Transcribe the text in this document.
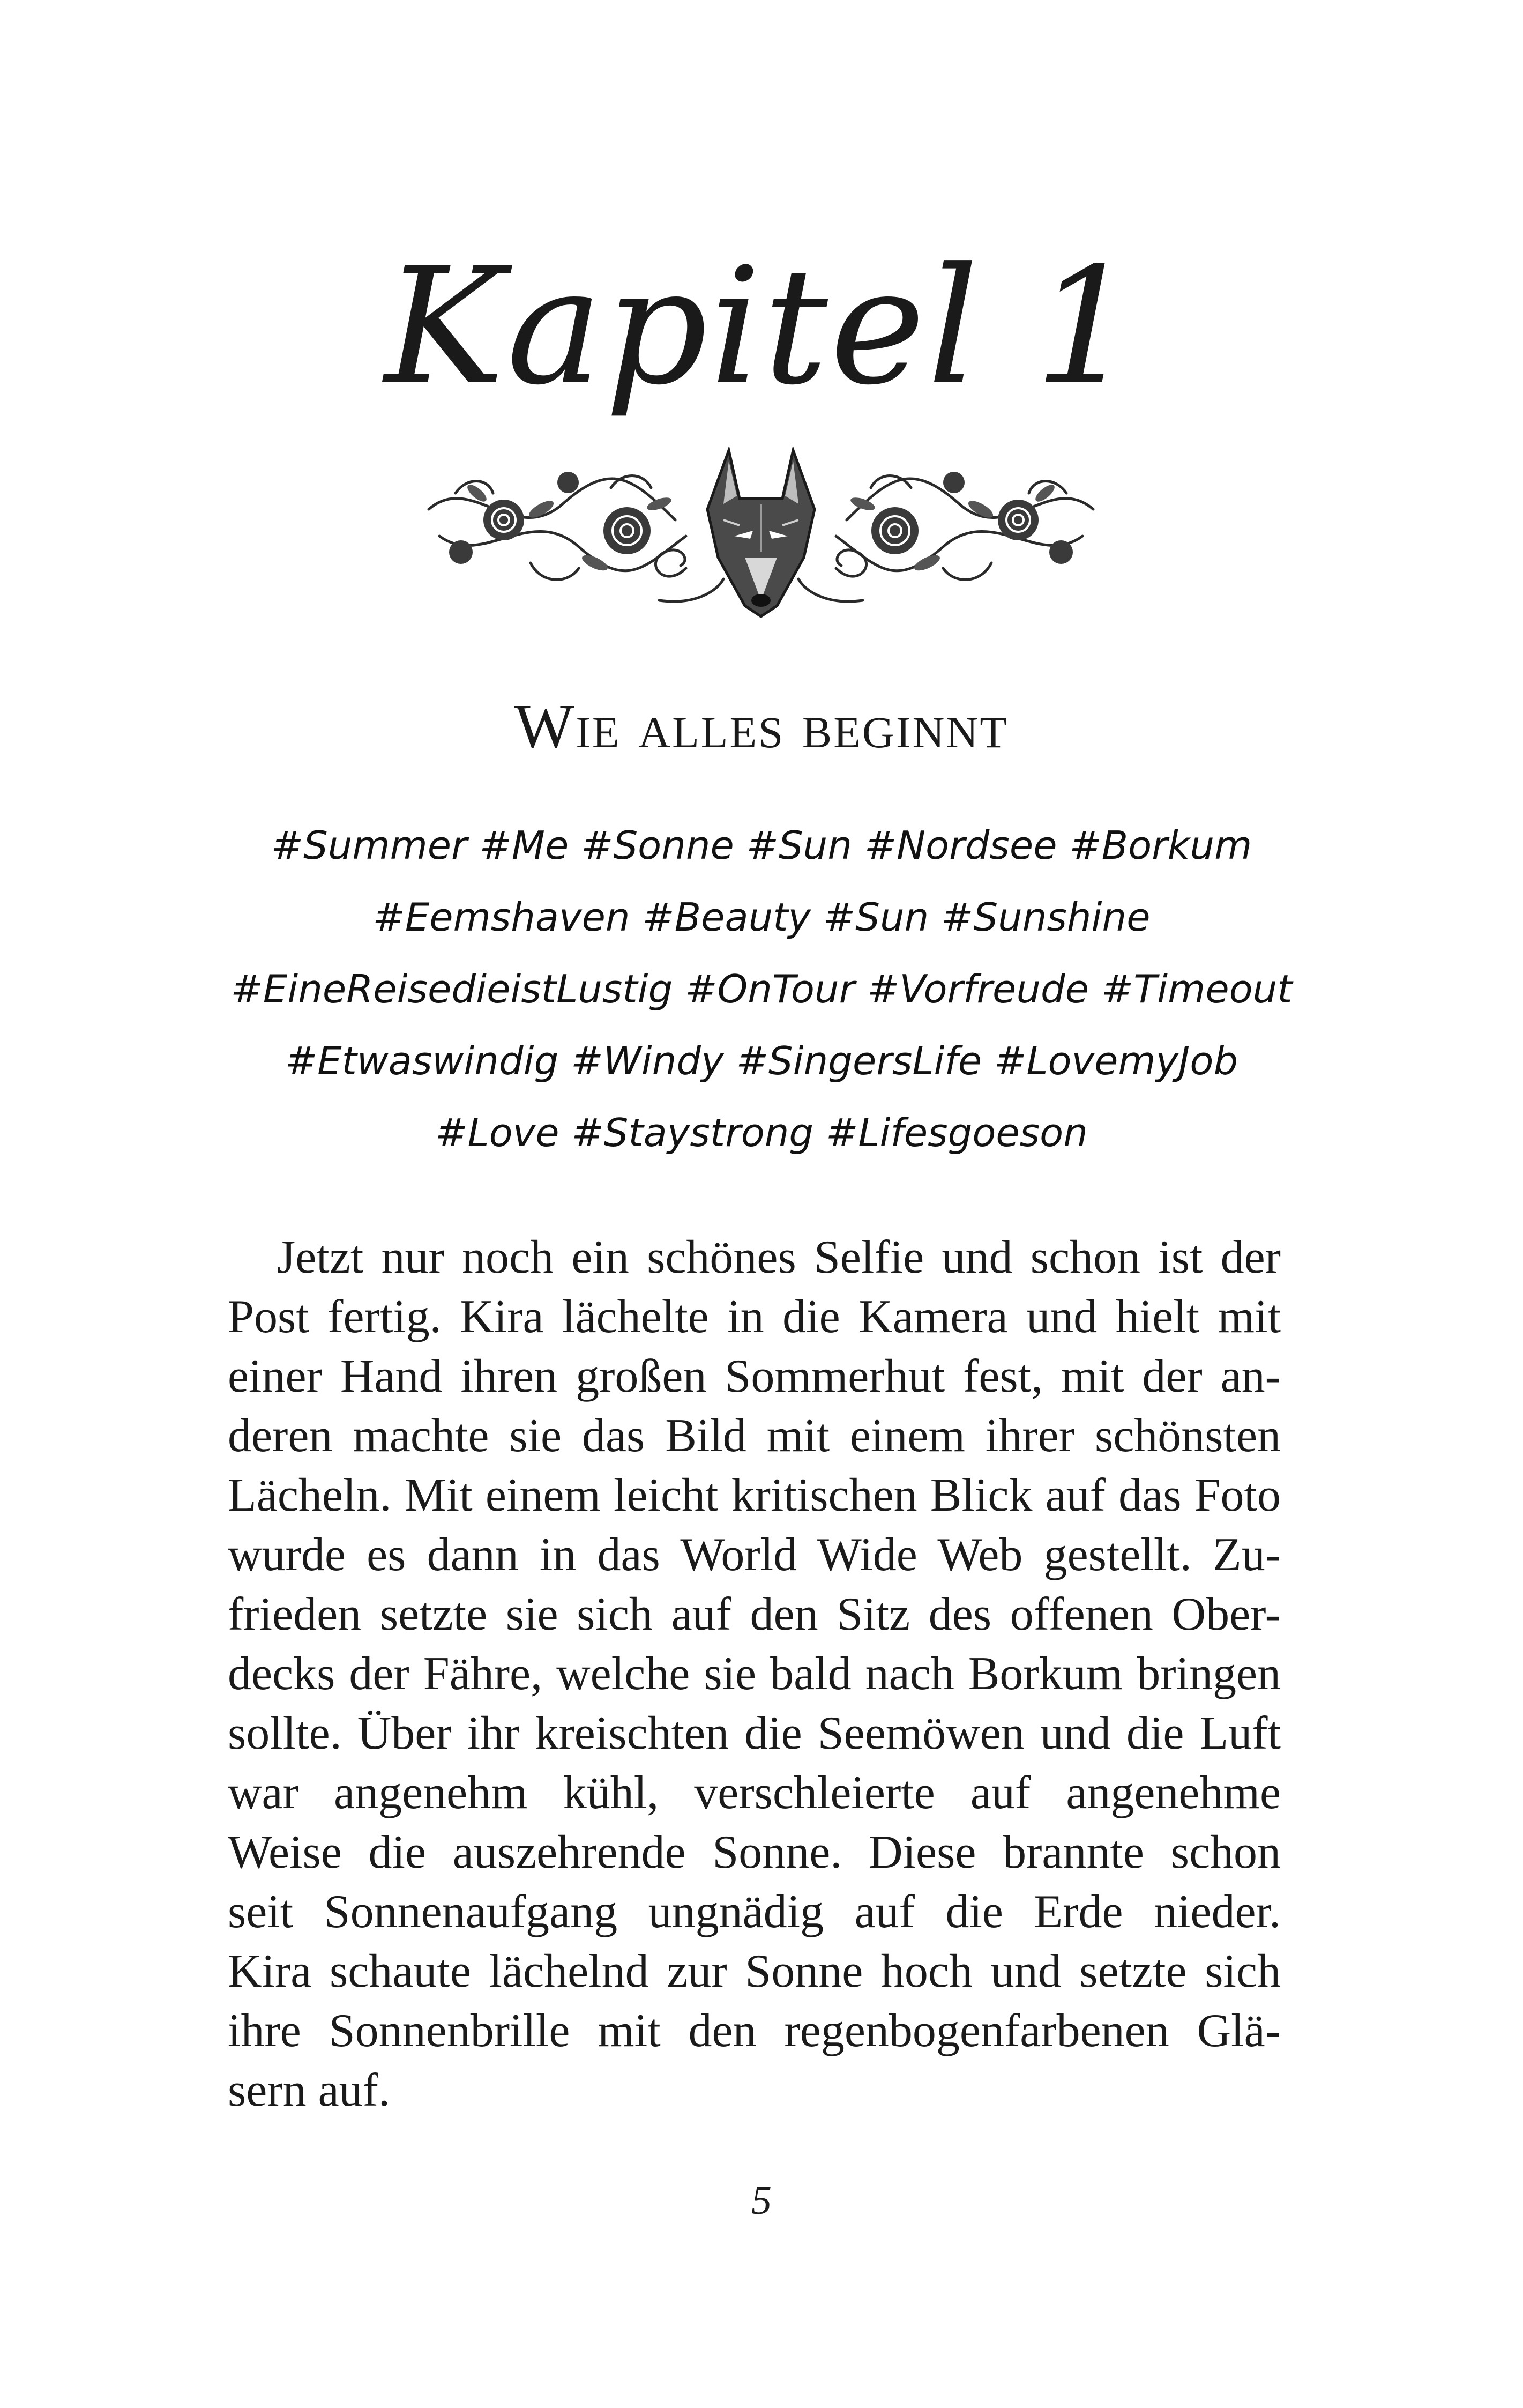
Kapitel 1
Wie alles beginnt
#Summer #Me #Sonne #Sun #Nordsee #Borkum
#Eemshaven #Beauty #Sun #Sunshine
#EineReisedieistLustig #OnTour #Vorfreude #Timeout
#Etwaswindig #Windy #SingersLife #LovemyJob
#Love #Staystrong #Lifesgoeson
Jetzt nur noch ein schönes Selfie und schon ist der
Post fertig. Kira lächelte in die Kamera und hielt mit
einer Hand ihren großen Sommerhut fest, mit der an-
deren machte sie das Bild mit einem ihrer schönsten
Lächeln. Mit einem leicht kritischen Blick auf das Foto
wurde es dann in das World Wide Web gestellt. Zu-
frieden setzte sie sich auf den Sitz des offenen Ober-
decks der Fähre, welche sie bald nach Borkum bringen
sollte. Über ihr kreischten die Seemöwen und die Luft
war angenehm kühl, verschleierte auf angenehme
Weise die auszehrende Sonne. Diese brannte schon
seit Sonnenaufgang ungnädig auf die Erde nieder.
Kira schaute lächelnd zur Sonne hoch und setzte sich
ihre Sonnenbrille mit den regenbogenfarbenen Glä-
sern auf.
5
